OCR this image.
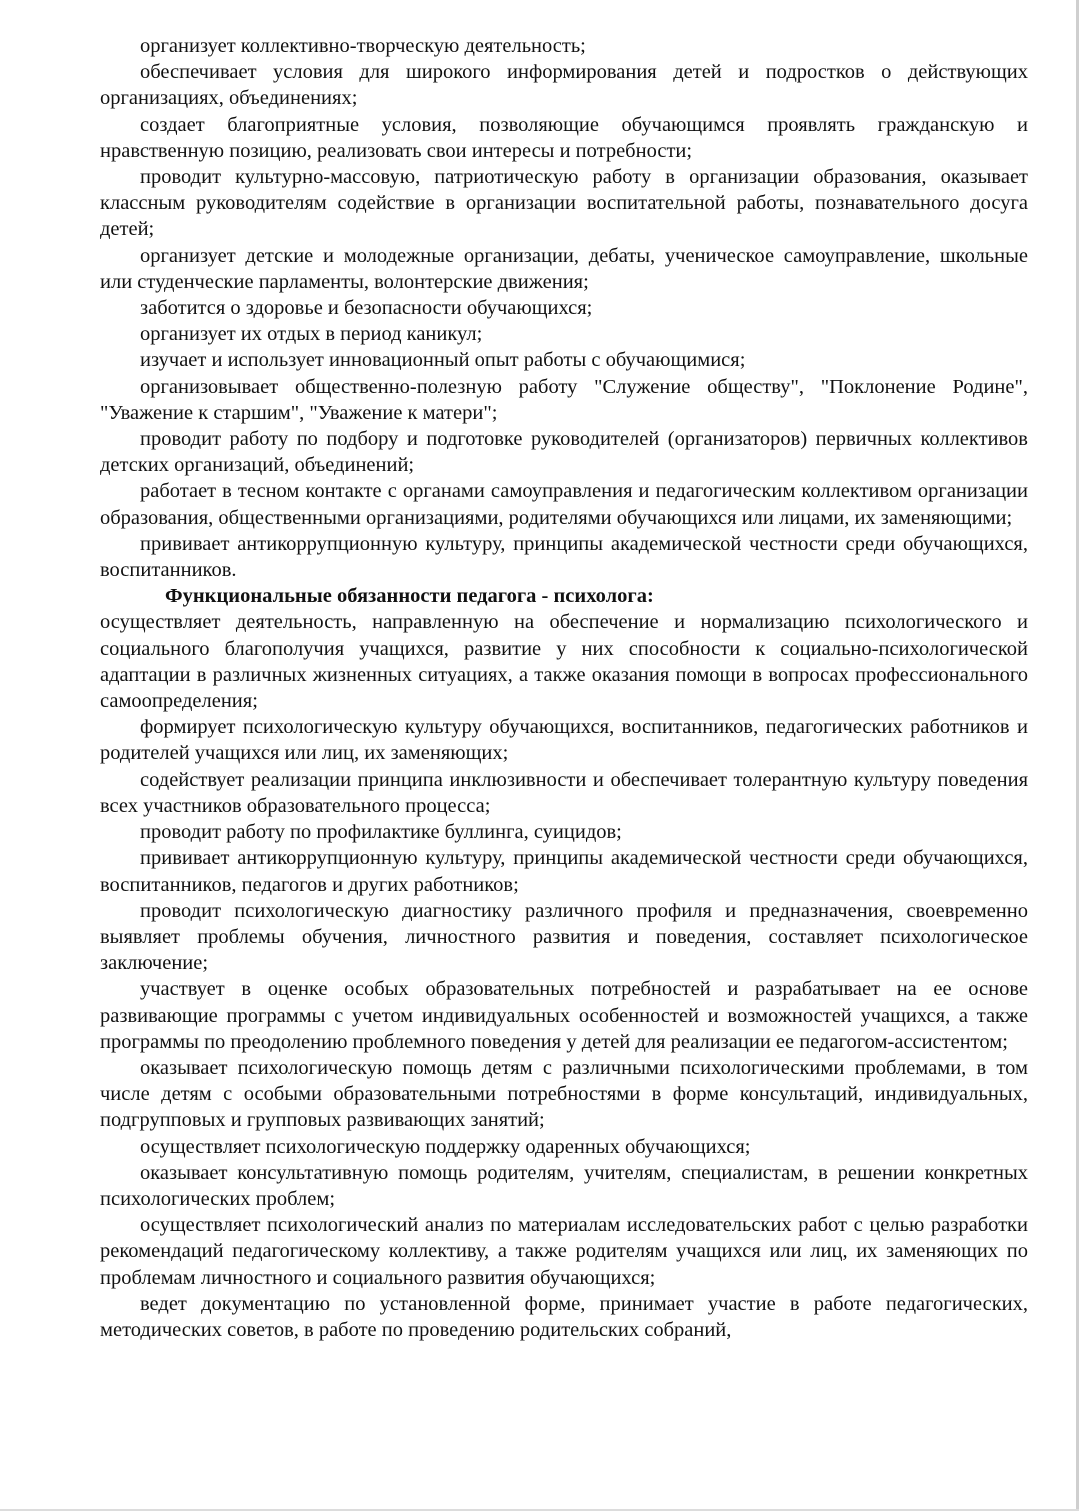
организует коллективно-творческую деятельность;

обеспечивает условия для широкого информирования детей и подростков о действующих организациях, объединениях;

создает благоприятные условия, позволяющие обучающимся проявлять гражданскую и нравственную позицию, реализовать свои интересы и потребности;

проводит культурно-массовую, патриотическую работу в организации образования, оказывает классным руководителям содействие в организации воспитательной работы, познавательного досуга детей;

организует детские и молодежные организации, дебаты, ученическое самоуправление, школьные или студенческие парламенты, волонтерские движения;

заботится о здоровье и безопасности обучающихся;

организует их отдых в период каникул;

изучает и использует инновационный опыт работы с обучающимися;

организовывает общественно-полезную работу "Служение обществу", "Поклонение Родине", "Уважение к старшим", "Уважение к матери";

проводит работу по подбору и подготовке руководителей (организаторов) первичных коллективов детских организаций, объединений;

работает в тесном контакте с органами самоуправления и педагогическим коллективом организации образования, общественными организациями, родителями обучающихся или лицами, их заменяющими;

прививает антикоррупционную культуру, принципы академической честности среди обучающихся, воспитанников.

Функциональные обязанности педагога - психолога:

осуществляет деятельность, направленную на обеспечение и нормализацию психологического и социального благополучия учащихся, развитие у них способности к социально-психологической адаптации в различных жизненных ситуациях, а также оказания помощи в вопросах профессионального самоопределения;

формирует психологическую культуру обучающихся, воспитанников, педагогических работников и родителей учащихся или лиц, их заменяющих;

содействует реализации принципа инклюзивности и обеспечивает толерантную культуру поведения всех участников образовательного процесса;

проводит работу по профилактике буллинга, суицидов;

прививает антикоррупционную культуру, принципы академической честности среди обучающихся, воспитанников, педагогов и других работников;

проводит психологическую диагностику различного профиля и предназначения, своевременно выявляет проблемы обучения, личностного развития и поведения, составляет психологическое заключение;

участвует в оценке особых образовательных потребностей и разрабатывает на ее основе развивающие программы с учетом индивидуальных особенностей и возможностей учащихся, а также программы по преодолению проблемного поведения у детей для реализации ее педагогом-ассистентом;

оказывает психологическую помощь детям с различными психологическими проблемами, в том числе детям с особыми образовательными потребностями в форме консультаций, индивидуальных, подгрупповых и групповых развивающих занятий;

осуществляет психологическую поддержку одаренных обучающихся;

оказывает консультативную помощь родителям, учителям, специалистам, в решении конкретных психологических проблем;

осуществляет психологический анализ по материалам исследовательских работ с целью разработки рекомендаций педагогическому коллективу, а также родителям учащихся или лиц, их заменяющих по проблемам личностного и социального развития обучающихся;

ведет документацию по установленной форме, принимает участие в работе педагогических, методических советов, в работе по проведению родительских собраний,
